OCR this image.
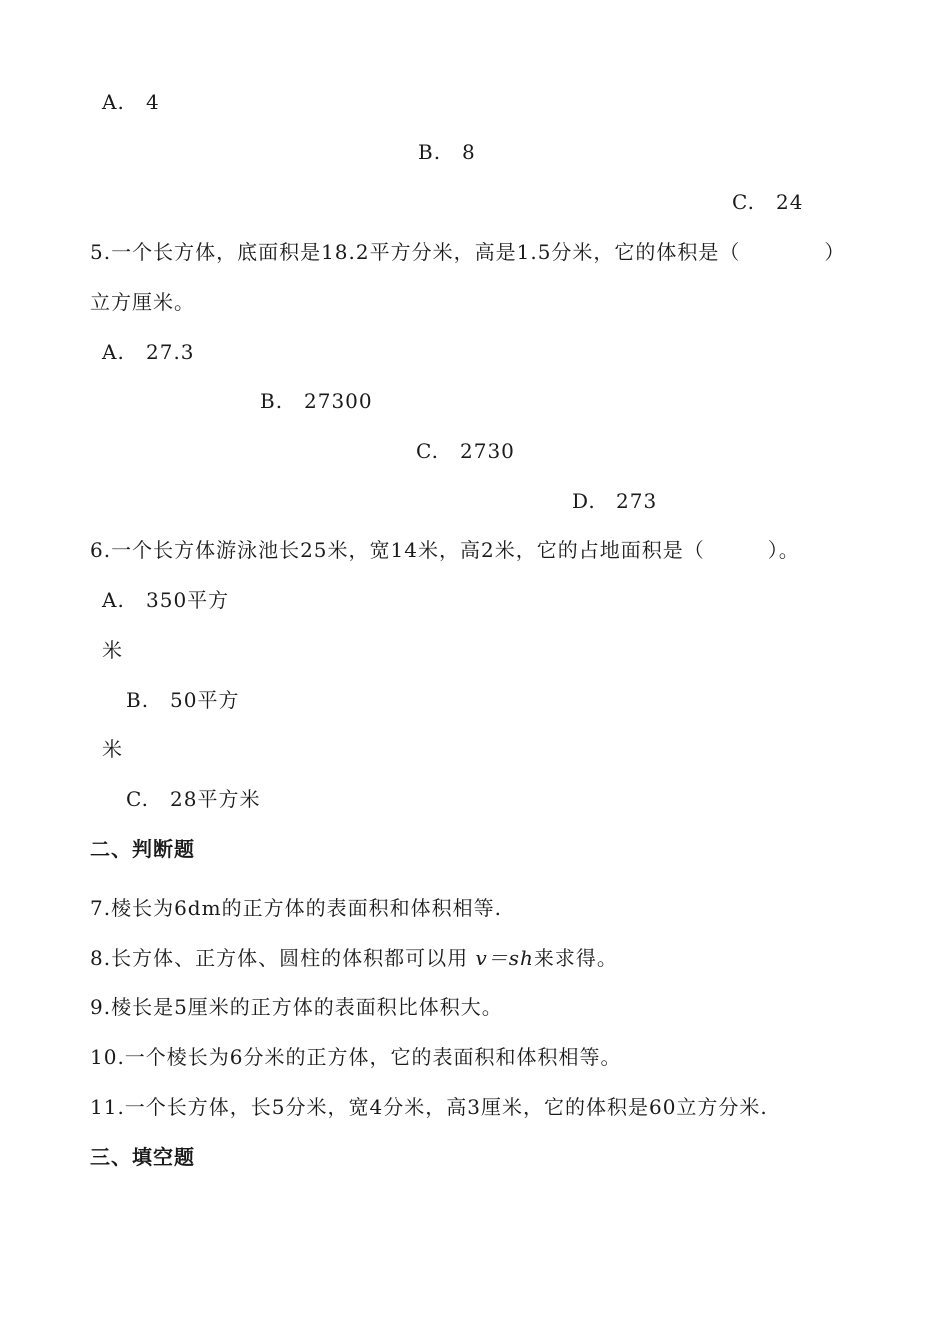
A. 4
B. 8
C. 24
5.一个长方体，底面积是18.2平方分米，高是1.5分米，它的体积是（　　　　）
立方厘米。
A. 27.3
B. 27300
C. 2730
D. 273
6.一个长方体游泳池长25米，宽14米，高2米，它的占地面积是（　　　）。
A. 350平方
米
B. 50平方
米
C. 28平方米
二、判断题
7.棱长为6dm的正方体的表面积和体积相等.
8.长方体、正方体、圆柱的体积都可以用 v＝sh来求得。
9.棱长是5厘米的正方体的表面积比体积大。
10.一个棱长为6分米的正方体，它的表面积和体积相等。
11.一个长方体，长5分米，宽4分米，高3厘米，它的体积是60立方分米.
三、填空题
